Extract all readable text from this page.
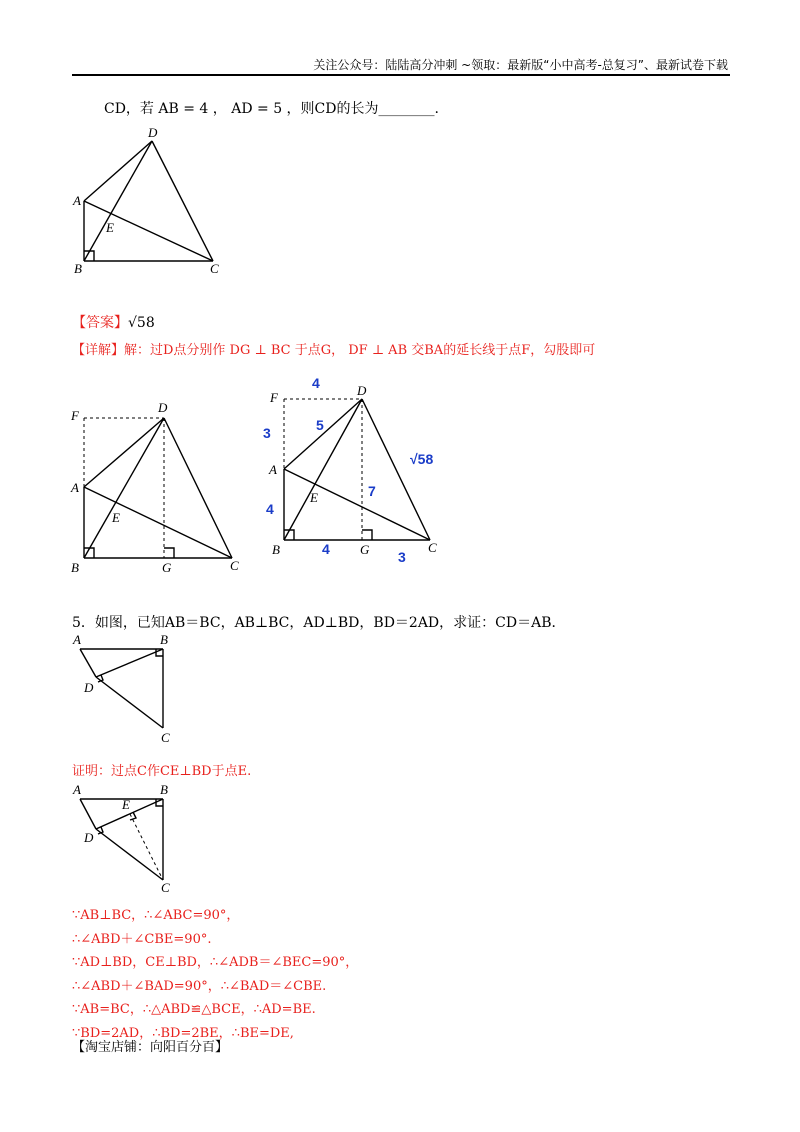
关注公众号：陆陆高分冲刺 ~领取：最新版“小中高考-总复习”、最新试卷下载
CD，若 AB = 4 ， AD = 5 ，则CD的长为________.
D
A
E
B	C
【答案】√58
【详解】解：过D点分别作 DG ⊥ BC 于点G， DF ⊥ AB 交BA的延长线于点F，勾股即可
F
D
A
E
B	G	C
F	D
A
E
B	G	C
4
3	5
4
4	3
7
√58
5．如图，已知AB＝BC，AB⊥BC，AD⊥BD，BD＝2AD，求证：CD＝AB．
A	B
D
C
证明：过点C作CE⊥BD于点E.
A	B
E
D
C
∵AB⊥BC，∴∠ABC=90°，
∴∠ABD＋∠CBE=90°.
∵AD⊥BD，CE⊥BD，∴∠ADB＝∠BEC=90°，
∴∠ABD＋∠BAD=90°，∴∠BAD＝∠CBE.
∵AB=BC，∴△ABD≌△BCE，∴AD=BE.
∵BD=2AD，∴BD=2BE，∴BE=DE,
【淘宝店铺：向阳百分百】
